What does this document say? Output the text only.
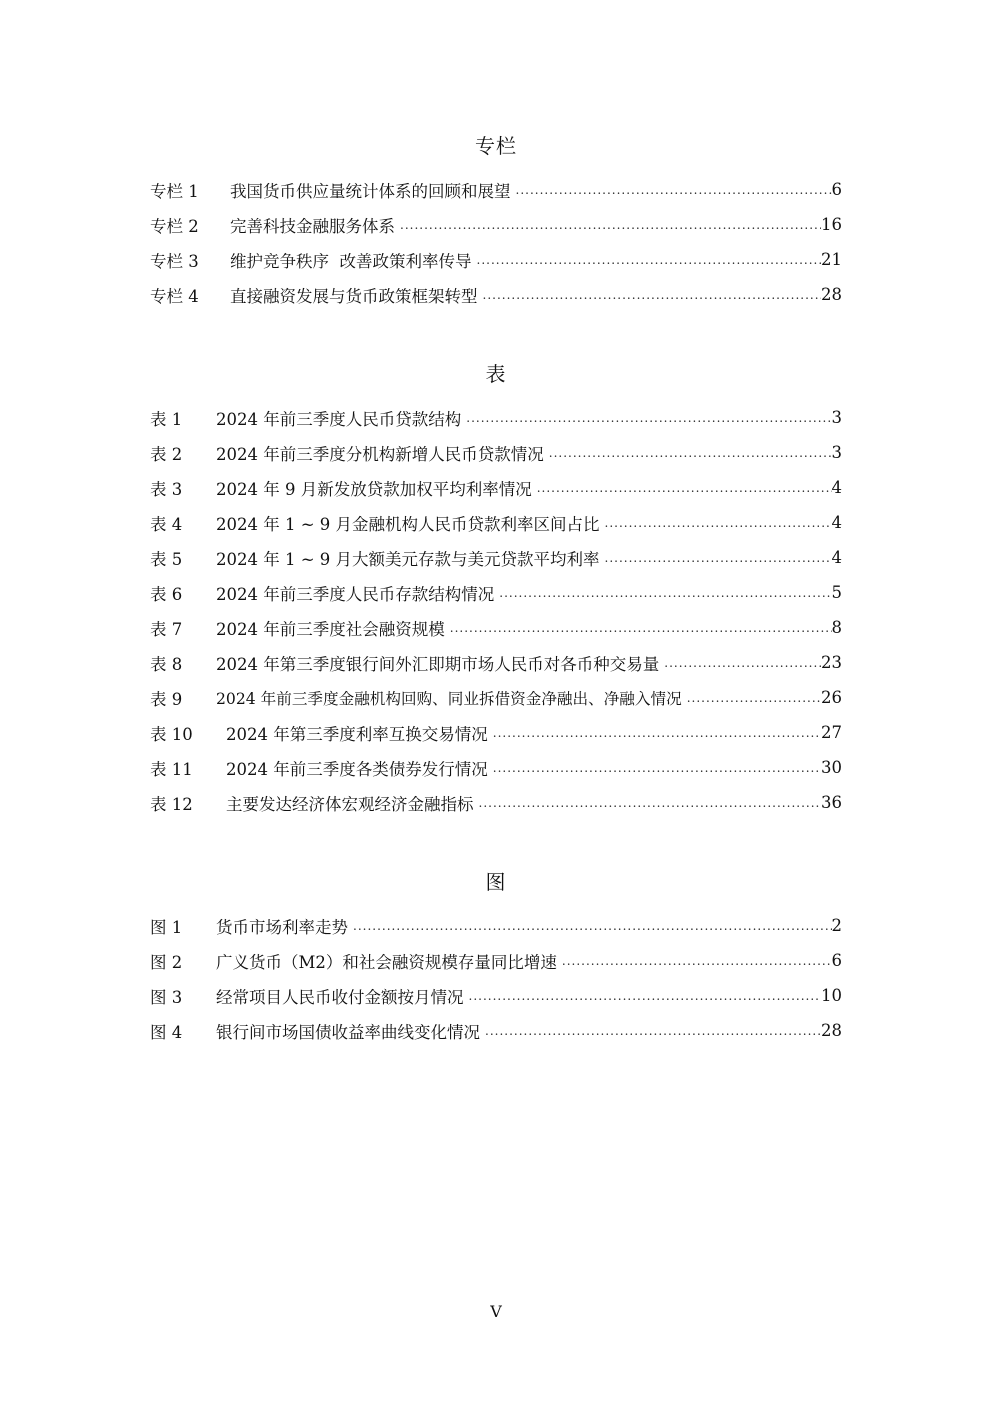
专栏
专栏 1	我国货币供应量统计体系的回顾和展望 .....	6
专栏 2	完善科技金融服务体系 .....	16
专栏 3	维护竞争秩序  改善政策利率传导 .....	21
专栏 4	直接融资发展与货币政策框架转型 .....	28
表
表 1	2024 年前三季度人民币贷款结构 .....	3
表 2	2024 年前三季度分机构新增人民币贷款情况 .....	3
表 3	2024 年 9 月新发放贷款加权平均利率情况 .....	4
表 4	2024 年 1 ~ 9 月金融机构人民币贷款利率区间占比 .....	4
表 5	2024 年 1 ~ 9 月大额美元存款与美元贷款平均利率 .....	4
表 6	2024 年前三季度人民币存款结构情况 .....	5
表 7	2024 年前三季度社会融资规模 .....	8
表 8	2024 年第三季度银行间外汇即期市场人民币对各币种交易量 .....	23
表 9	2024 年前三季度金融机构回购、同业拆借资金净融出、净融入情况 .....	26
表 10	2024 年第三季度利率互换交易情况 .....	27
表 11	2024 年前三季度各类债券发行情况 .....	30
表 12	主要发达经济体宏观经济金融指标 .....	36
图
图 1	货币市场利率走势 .....	2
图 2	广义货币（M2）和社会融资规模存量同比增速 .....	6
图 3	经常项目人民币收付金额按月情况 .....	10
图 4	银行间市场国债收益率曲线变化情况 .....	28
V
